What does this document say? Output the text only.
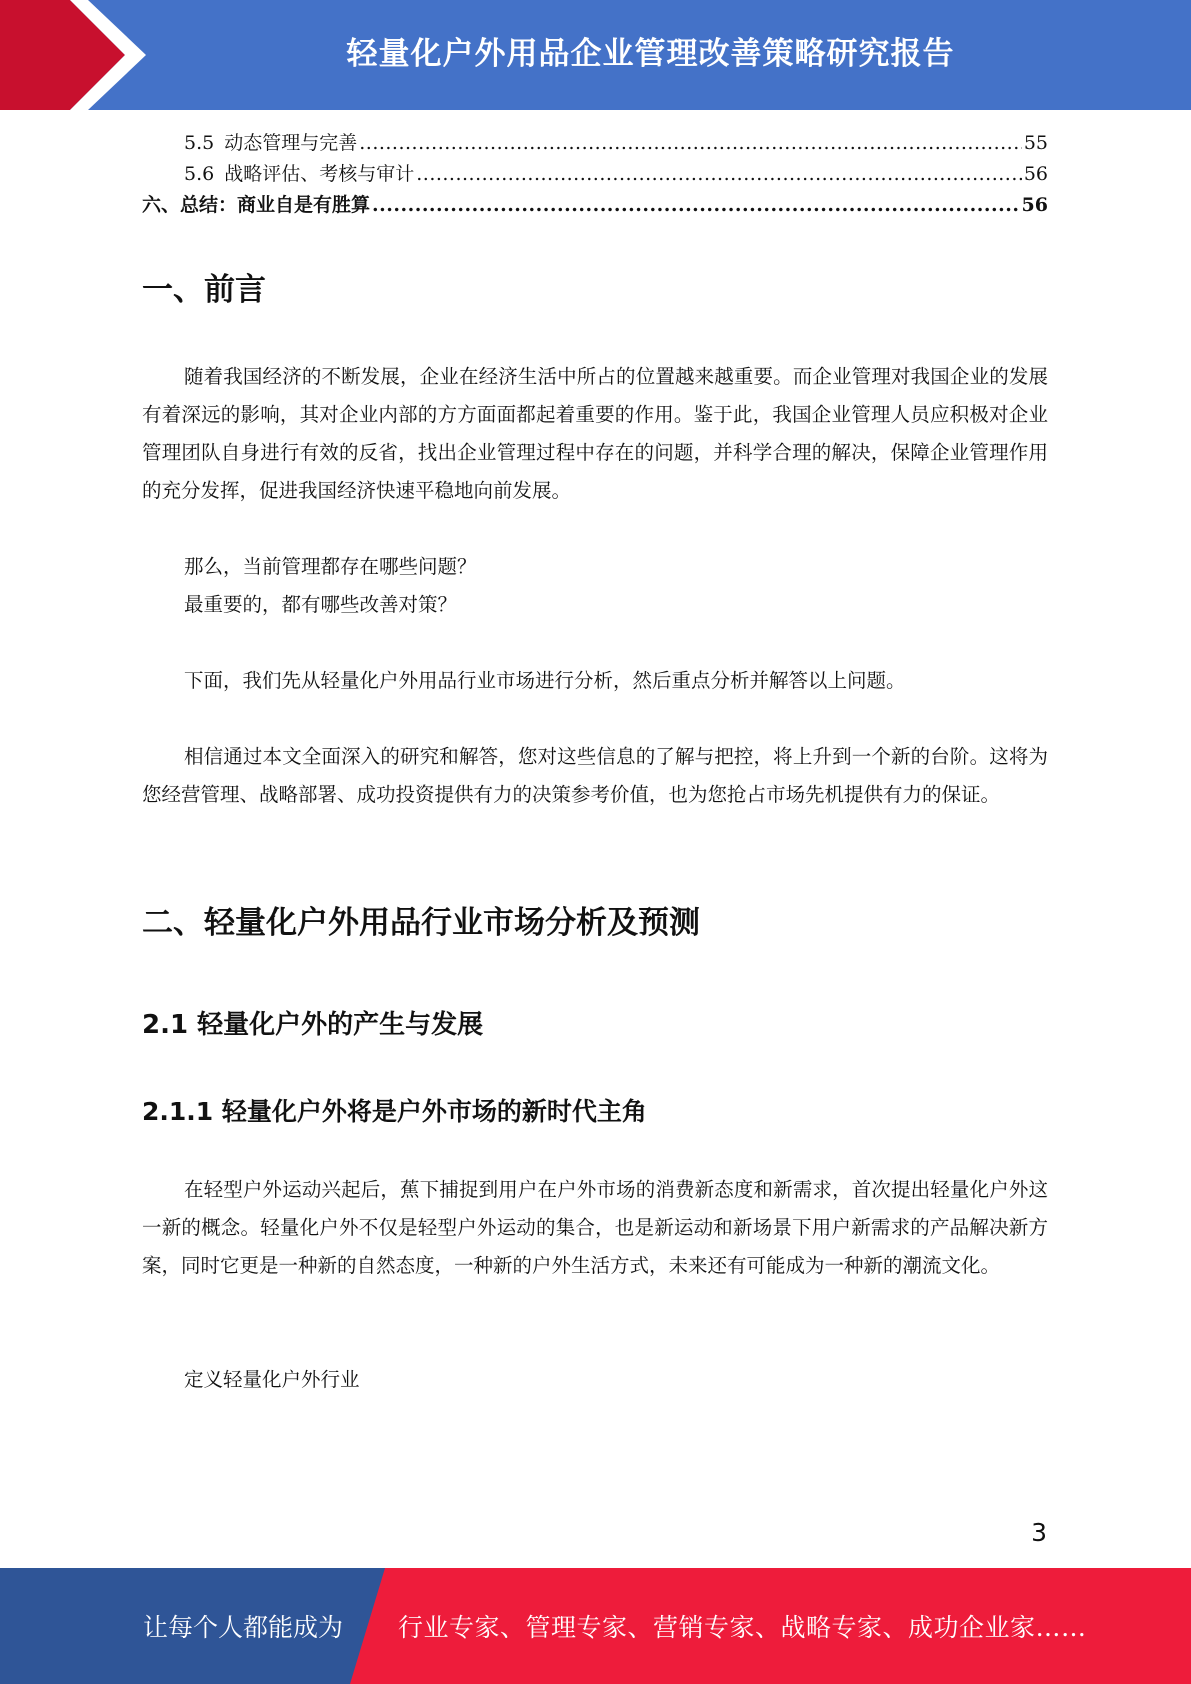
轻量化户外用品企业管理改善策略研究报告
5.5 动态管理与完善 .....	55
5.6 战略评估、考核与审计 .....	56
六、总结：商业自是有胜算 .....	56
一、前言

随着我国经济的不断发展，企业在经济生活中所占的位置越来越重要。而企业管理对我国企业的发展有着深远的影响，其对企业内部的方方面面都起着重要的作用。鉴于此，我国企业管理人员应积极对企业管理团队自身进行有效的反省，找出企业管理过程中存在的问题，并科学合理的解决，保障企业管理作用的充分发挥，促进我国经济快速平稳地向前发展。

那么，当前管理都存在哪些问题？

最重要的，都有哪些改善对策？

下面，我们先从轻量化户外用品行业市场进行分析，然后重点分析并解答以上问题。

相信通过本文全面深入的研究和解答，您对这些信息的了解与把控，将上升到一个新的台阶。这将为您经营管理、战略部署、成功投资提供有力的决策参考价值，也为您抢占市场先机提供有力的保证。

二、轻量化户外用品行业市场分析及预测
2.1 轻量化户外的产生与发展
2.1.1 轻量化户外将是户外市场的新时代主角

在轻型户外运动兴起后，蕉下捕捉到用户在户外市场的消费新态度和新需求，首次提出轻量化户外这一新的概念。轻量化户外不仅是轻型户外运动的集合，也是新运动和新场景下用户新需求的产品解决新方案，同时它更是一种新的自然态度，一种新的户外生活方式，未来还有可能成为一种新的潮流文化。

定义轻量化户外行业

3
让每个人都能成为 行业专家、管理专家、营销专家、战略专家、成功企业家……
